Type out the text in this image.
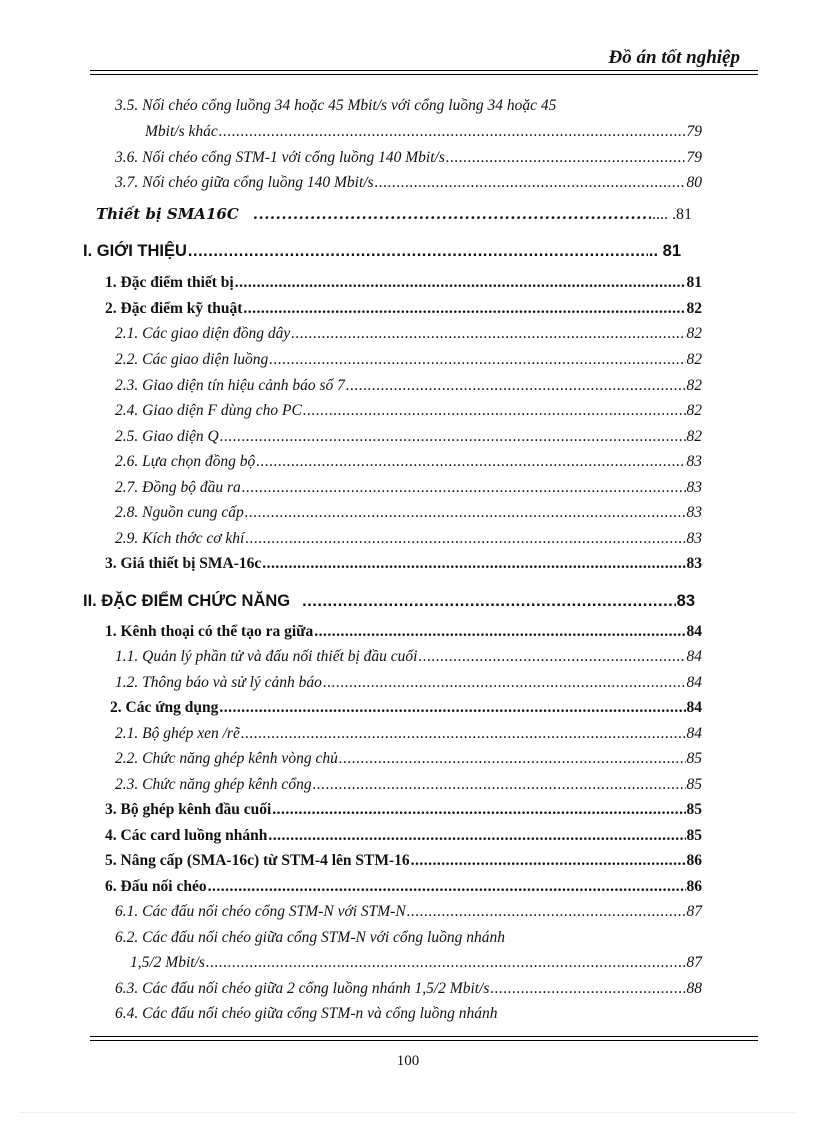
Đồ án tốt nghiệp
3.5. Nối chéo cổng luồng 34 hoặc 45 Mbit/s với cổng luồng 34 hoặc 45
Mbit/s khác .....	79
3.6. Nối chéo cổng STM-1 với cổng luồng 140 Mbit/s .....	79
3.7. Nối chéo giữa cổng luồng 140 Mbit/s .....	80
Thiết bị SMA16C .....	.... .81
I. GIỚI THIỆU .....	.. 81
1. Đặc điểm thiết bị .....	81
2. Đặc điểm kỹ thuật .....	82
2.1. Các giao diện đồng dây .....	82
2.2. Các giao diện luồng .....	82
2.3. Giao diện tín hiệu cảnh báo số 7 .....	82
2.4. Giao diện F dùng cho PC .....	82
2.5. Giao diện Q .....	82
2.6. Lựa chọn đồng bộ .....	83
2.7. Đồng bộ đầu ra .....	83
2.8. Nguồn cung cấp .....	83
2.9. Kích thớc cơ khí .....	83
3. Giá thiết bị SMA-16c .....	83
II. ĐẶC ĐIỂM CHỨC NĂNG .....	83
1. Kênh thoại có thể tạo ra giữa .....	84
1.1. Quản lý phần tử và đấu nối thiết bị đầu cuối .....	84
1.2. Thông báo và sử lý cảnh báo .....	84
2. Các ứng dụng .....	84
2.1. Bộ ghép xen /rẽ .....	84
2.2. Chức năng ghép kênh vòng chủ .....	85
2.3. Chức năng ghép kênh cổng .....	85
3. Bộ ghép kênh đầu cuối .....	85
4. Các card luồng nhánh .....	85
5. Nâng cấp (SMA-16c) từ STM-4 lên STM-16 .....	86
6. Đấu nối chéo .....	86
6.1. Các đấu nối chéo cổng STM-N với STM-N .....	87
6.2. Các đấu nối chéo giữa cổng STM-N với cổng luồng nhánh
1,5/2 Mbit/s .....	87
6.3. Các đấu nối chéo giữa 2 cổng luồng nhánh 1,5/2 Mbit/s .....	88
6.4. Các đấu nối chéo giữa cổng STM-n và cổng luồng nhánh
100
